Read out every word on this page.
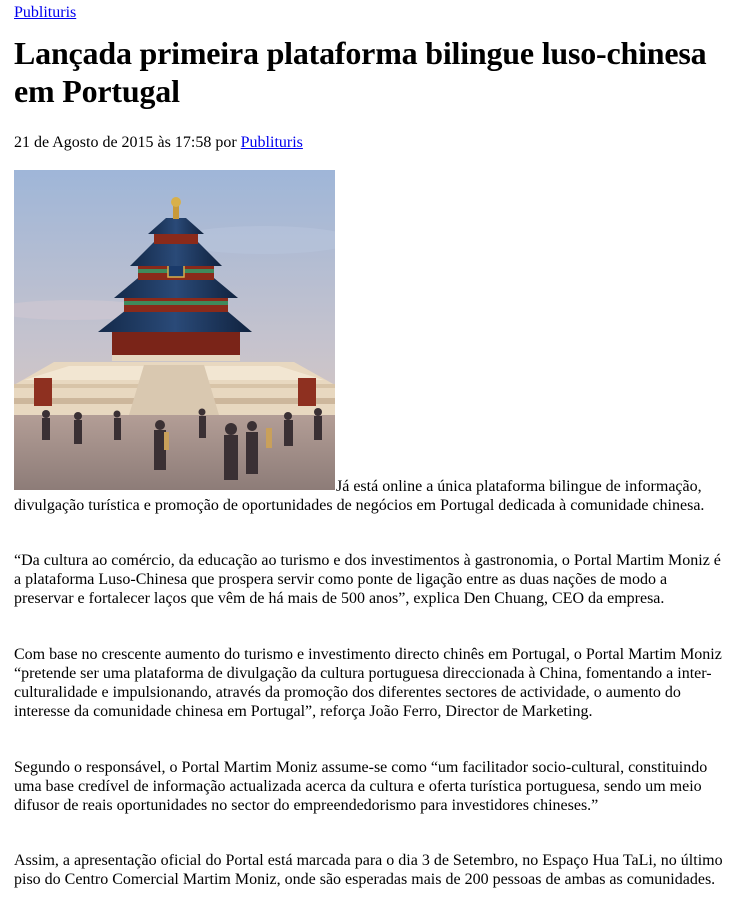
Publituris
Lançada primeira plataforma bilingue luso-chinesa em Portugal
21 de Agosto de 2015 às 17:58 por Publituris

Já está online a única plataforma bilingue de informação, divulgação turística e promoção de oportunidades de negócios em Portugal dedicada à comunidade chinesa.

“Da cultura ao comércio, da educação ao turismo e dos investimentos à gastronomia, o Portal Martim Moniz é a plataforma Luso-Chinesa que prospera servir como ponte de ligação entre as duas nações de modo a preservar e fortalecer laços que vêm de há mais de 500 anos”, explica Den Chuang, CEO da empresa.

Com base no crescente aumento do turismo e investimento directo chinês em Portugal, o Portal Martim Moniz “pretende ser uma plataforma de divulgação da cultura portuguesa direccionada à China, fomentando a inter-culturalidade e impulsionando, através da promoção dos diferentes sectores de actividade, o aumento do interesse da comunidade chinesa em Portugal”, reforça João Ferro, Director de Marketing.

Segundo o responsável, o Portal Martim Moniz assume-se como “um facilitador socio-cultural, constituindo uma base credível de informação actualizada acerca da cultura e oferta turística portuguesa, sendo um meio difusor de reais oportunidades no sector do empreendedorismo para investidores chineses.”

Assim, a apresentação oficial do Portal está marcada para o dia 3 de Setembro, no Espaço Hua TaLi, no último piso do Centro Comercial Martim Moniz, onde são esperadas mais de 200 pessoas de ambas as comunidades.
